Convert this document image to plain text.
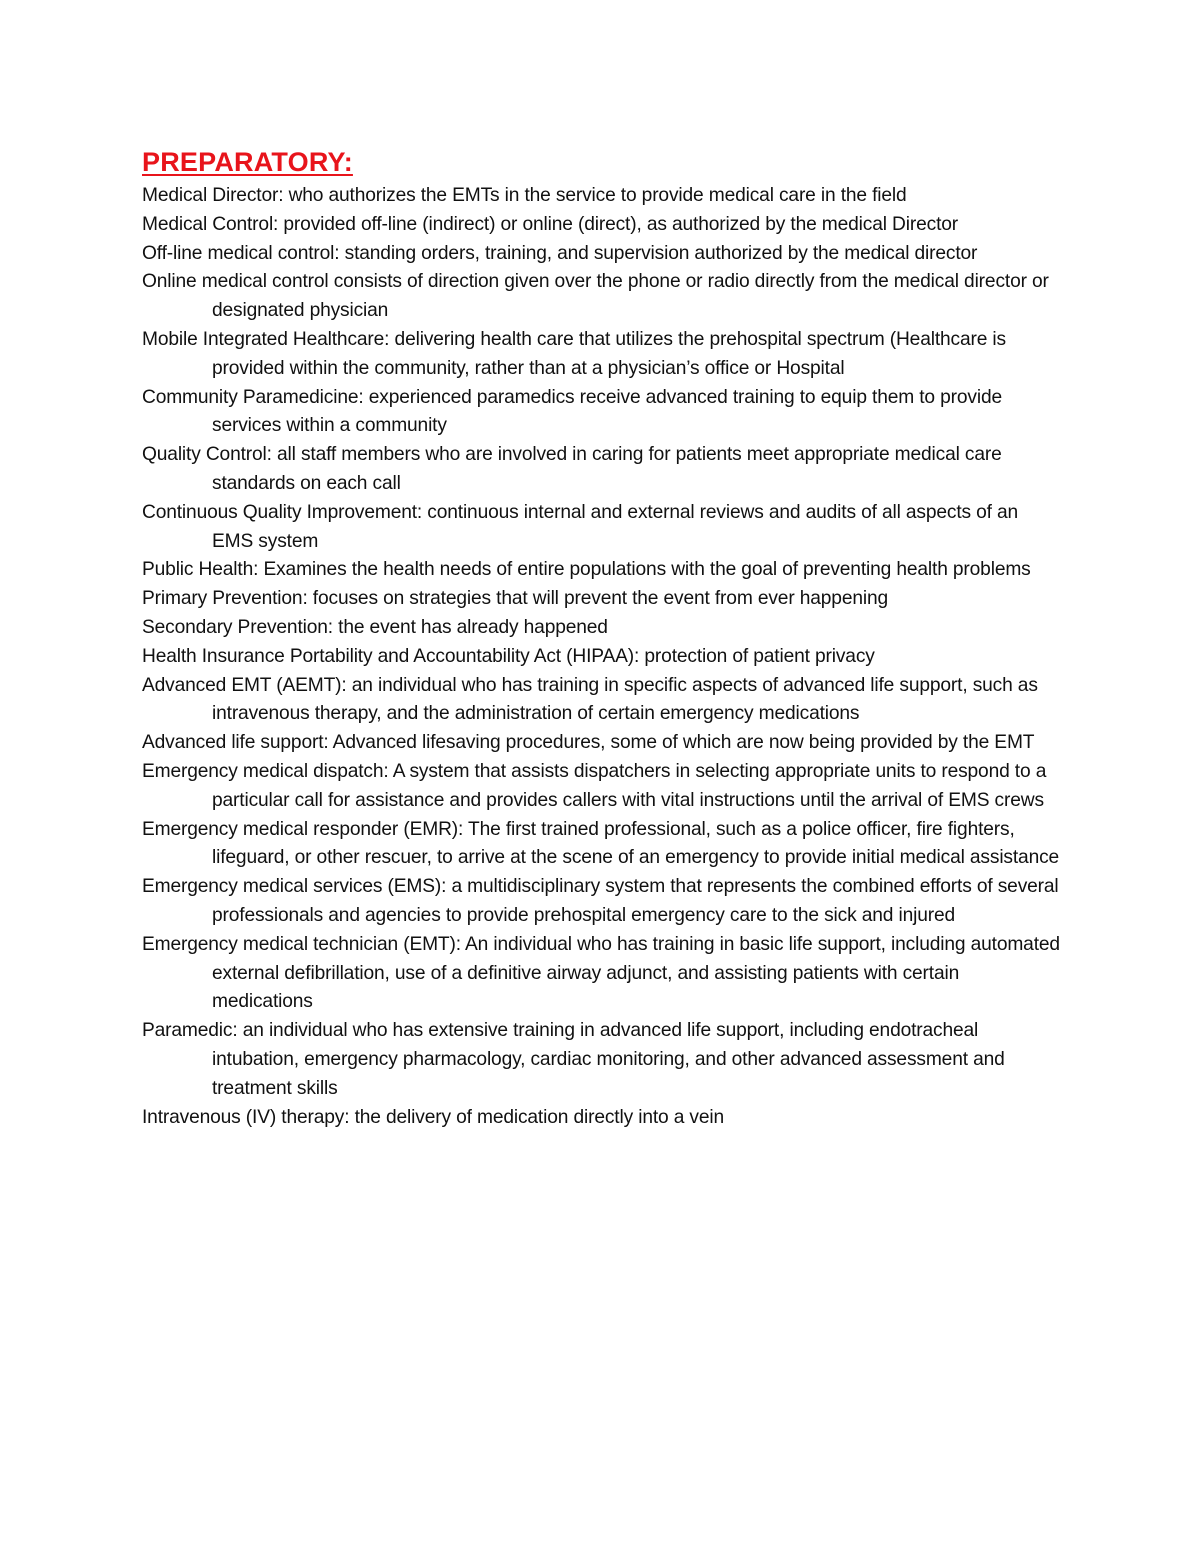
PREPARATORY:
Medical Director: who authorizes the EMTs in the service to provide medical care in the field
Medical Control: provided off-line (indirect) or online (direct), as authorized by the medical Director
Off-line medical control: standing orders, training, and supervision authorized by the medical director
Online medical control consists of direction given over the phone or radio directly from the medical director or designated physician
Mobile Integrated Healthcare: delivering health care that utilizes the prehospital spectrum (Healthcare is provided within the community, rather than at a physician’s office or Hospital
Community Paramedicine: experienced paramedics receive advanced training to equip them to provide services within a community
Quality Control: all staff members who are involved in caring for patients meet appropriate medical care standards on each call
Continuous Quality Improvement: continuous internal and external reviews and audits of all aspects of an EMS system
Public Health: Examines the health needs of entire populations with the goal of preventing health problems
Primary Prevention: focuses on strategies that will prevent the event from ever happening
Secondary Prevention: the event has already happened
Health Insurance Portability and Accountability Act (HIPAA): protection of patient privacy
Advanced EMT (AEMT): an individual who has training in specific aspects of advanced life support, such as intravenous therapy, and the administration of certain emergency medications
Advanced life support: Advanced lifesaving procedures, some of which are now being provided by the EMT
Emergency medical dispatch: A system that assists dispatchers in selecting appropriate units to respond to a particular call for assistance and provides callers with vital instructions until the arrival of EMS crews
Emergency medical responder (EMR): The first trained professional, such as a police officer, fire fighters, lifeguard, or other rescuer, to arrive at the scene of an emergency to provide initial medical assistance
Emergency medical services (EMS): a multidisciplinary system that represents the combined efforts of several professionals and agencies to provide prehospital emergency care to the sick and injured
Emergency medical technician (EMT): An individual who has training in basic life support, including automated external defibrillation, use of a definitive airway adjunct, and assisting patients with certain medications
Paramedic: an individual who has extensive training in advanced life support, including endotracheal intubation, emergency pharmacology, cardiac monitoring, and other advanced assessment and treatment skills
Intravenous (IV) therapy: the delivery of medication directly into a vein
